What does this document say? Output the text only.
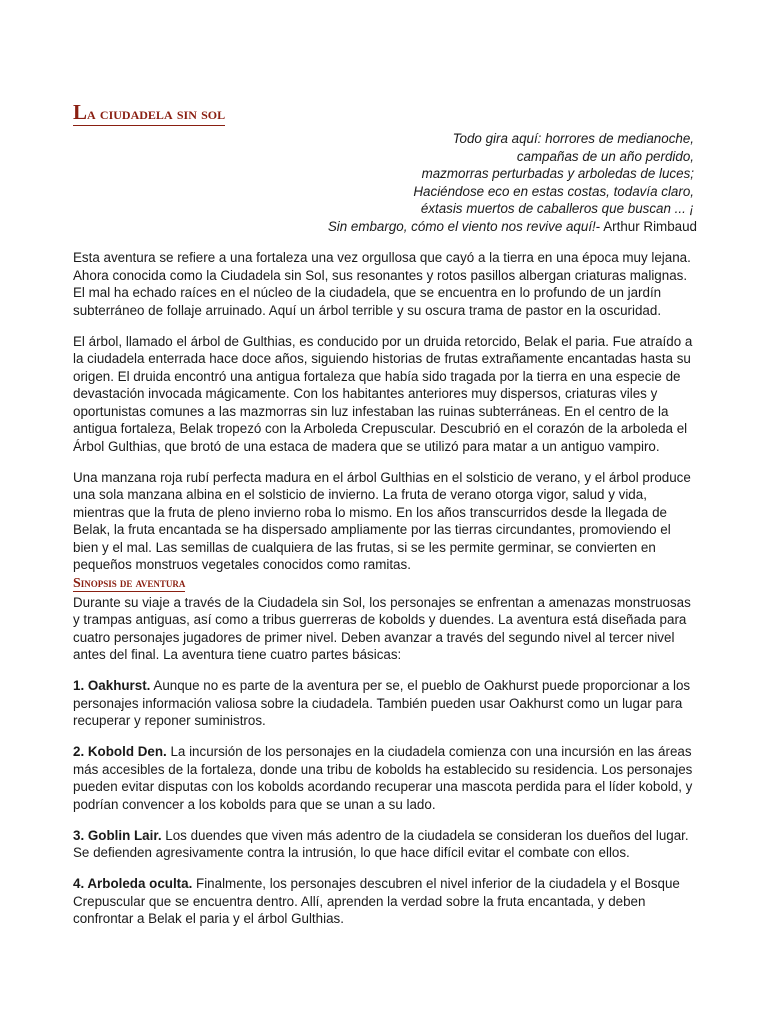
La ciudadela sin sol
Todo gira aquí: horrores de medianoche,
campañas de un año perdido,
mazmorras perturbadas y arboledas de luces;
Haciéndose eco en estas costas, todavía claro,
éxtasis muertos de caballeros que buscan ... ¡
Sin embargo, cómo el viento nos revive aquí!- Arthur Rimbaud

Esta aventura se refiere a una fortaleza una vez orgullosa que cayó a la tierra en una época muy lejana. Ahora conocida como la Ciudadela sin Sol, sus resonantes y rotos pasillos albergan criaturas malignas. El mal ha echado raíces en el núcleo de la ciudadela, que se encuentra en lo profundo de un jardín subterráneo de follaje arruinado. Aquí un árbol terrible y su oscura trama de pastor en la oscuridad.

El árbol, llamado el árbol de Gulthias, es conducido por un druida retorcido, Belak el paria. Fue atraído a la ciudadela enterrada hace doce años, siguiendo historias de frutas extrañamente encantadas hasta su origen. El druida encontró una antigua fortaleza que había sido tragada por la tierra en una especie de devastación invocada mágicamente. Con los habitantes anteriores muy dispersos, criaturas viles y oportunistas comunes a las mazmorras sin luz infestaban las ruinas subterráneas. En el centro de la antigua fortaleza, Belak tropezó con la Arboleda Crepuscular. Descubrió en el corazón de la arboleda el Árbol Gulthias, que brotó de una estaca de madera que se utilizó para matar a un antiguo vampiro.

Una manzana roja rubí perfecta madura en el árbol Gulthias en el solsticio de verano, y el árbol produce una sola manzana albina en el solsticio de invierno. La fruta de verano otorga vigor, salud y vida, mientras que la fruta de pleno invierno roba lo mismo. En los años transcurridos desde la llegada de Belak, la fruta encantada se ha dispersado ampliamente por las tierras circundantes, promoviendo el bien y el mal. Las semillas de cualquiera de las frutas, si se les permite germinar, se convierten en pequeños monstruos vegetales conocidos como ramitas.

Sinopsis de aventura

Durante su viaje a través de la Ciudadela sin Sol, los personajes se enfrentan a amenazas monstruosas y trampas antiguas, así como a tribus guerreras de kobolds y duendes. La aventura está diseñada para cuatro personajes jugadores de primer nivel. Deben avanzar a través del segundo nivel al tercer nivel antes del final. La aventura tiene cuatro partes básicas:

1. Oakhurst. Aunque no es parte de la aventura per se, el pueblo de Oakhurst puede proporcionar a los personajes información valiosa sobre la ciudadela. También pueden usar Oakhurst como un lugar para recuperar y reponer suministros.

2. Kobold Den. La incursión de los personajes en la ciudadela comienza con una incursión en las áreas más accesibles de la fortaleza, donde una tribu de kobolds ha establecido su residencia. Los personajes pueden evitar disputas con los kobolds acordando recuperar una mascota perdida para el líder kobold, y podrían convencer a los kobolds para que se unan a su lado.

3. Goblin Lair. Los duendes que viven más adentro de la ciudadela se consideran los dueños del lugar. Se defienden agresivamente contra la intrusión, lo que hace difícil evitar el combate con ellos.

4. Arboleda oculta. Finalmente, los personajes descubren el nivel inferior de la ciudadela y el Bosque Crepuscular que se encuentra dentro. Allí, aprenden la verdad sobre la fruta encantada, y deben confrontar a Belak el paria y el árbol Gulthias.
